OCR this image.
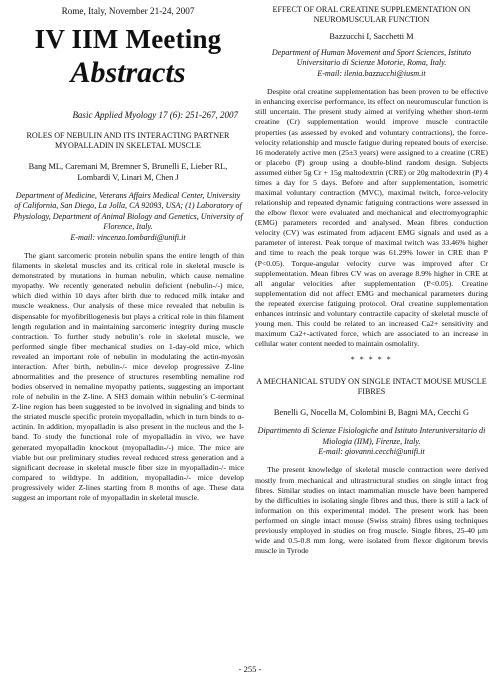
Rome, Italy, November 21-24, 2007

IV IIM Meeting

Abstracts

Basic Applied Myology 17 (6): 251-267, 2007

ROLES OF NEBULIN AND ITS INTERACTING PARTNER MYOPALLADIN IN SKELETAL MUSCLE

Bang ML, Caremani M, Bremner S, Brunelli E, Lieber RL, Lombardi V, Linari M, Chen J

Department of Medicine, Veterans Affairs Medical Center, University of California, San Diego, La Jolla, CA 92093, USA; (1) Laboratory of Physiology, Department of Animal Biology and Genetics, University of Florence, Italy.

E-mail: vincenzo.lombardi@unifi.it

The giant sarcomeric protein nebulin spans the entire length of thin filaments in skeletal muscles and its critical role in skeletal muscle is demonstrated by mutations in human nebulin, which cause nemaline myopathy. We recently generated nebulin deficient (nebulin-/-) mice, which died within 10 days after birth due to reduced milk intake and muscle weakness. Our analysis of these mice revealed that nebulin is dispensable for myofibrillogenesis but plays a critical role in thin filament length regulation and in maintaining sarcomeric integrity during muscle contraction. To further study nebulin’s role in skeletal muscle, we performed single fiber mechanical studies on 1-day-old mice, which revealed an important role of nebulin in modulating the actin-myosin interaction. After birth, nebulin-/- mice develop progressive Z-line abnormalities and the presence of structures resembling nemaline rod bodies observed in nemaline myopathy patients, suggesting an important role of nebulin in the Z-line. A SH3 domain within nebulin’s C-terminal Z-line region has been suggested to be involved in signaling and binds to the striated muscle specific protein myopalladin, which in turn binds to α-actinin. In addition, myopalladin is also present in the nucleus and the I-band. To study the functional role of myopalladin in vivo, we have generated myopalladin knockout (myopalladin-/-) mice. The mice are viable but our preliminary studies reveal reduced stress generation and a significant decrease in skeletal muscle fiber size in myopalladin-/- mice compared to wildtype. In addition, myopalladin-/- mice develop progressively wider Z-lines starting from 8 months of age. These data suggest an important role of myopalladin in skeletal muscle.

EFFECT OF ORAL CREATINE SUPPLEMENTATION ON NEUROMUSCULAR FUNCTION

Bazzucchi I, Sacchetti M

Department of Human Movement and Sport Sciences, Istituto Universitario di Scienze Motorie, Roma, Italy.

E-mail: ilenia.bazzucchi@iusm.it

Despite oral creatine supplementation has been proven to be effective in enhancing exercise performance, its effect on neuromuscular function is still uncertain. The present study aimed at verifying whether short-term creatine (Cr) supplementation would improve muscle contractile properties (as assessed by evoked and voluntary contractions), the force-velocity relationship and muscle fatigue during repeated bouts of exercise. 16 moderately active men (25±3 years) were assigned to a creatine (CRE) or placebo (P) group using a double-blind random design. Subjects assumed either 5g Cr + 15g maltodextrin (CRE) or 20g maltodextrin (P) 4 times a day for 5 days. Before and after supplementation, isometric maximal voluntary contraction (MVC), maximal twitch, force-velocity relationship and repeated dynamic fatiguing contractions were assessed in the elbow flexor were evaluated and mechanical and electromyographic (EMG) parameters recorded and analysed. Mean fibres conduction velocity (CV) was estimated from adjacent EMG signals and used as a parameter of interest. Peak torque of maximal twitch was 33.46% higher and time to reach the peak torque was 61.29% lower in CRE than P (P<0.05). Torque-angular velocity curve was improved after Cr supplementation. Mean fibres CV was on average 8.9% higher in CRE at all angular velocities after supplementation (P<0.05). Creatine supplementation did not affect EMG and mechanical parameters during the repeated exercise fatiguing protocol. Oral creatine supplementation enhances intrinsic and voluntary contractile capacity of skeletal muscle of young men. This could be related to an increased Ca2+ sensitivity and maximum Ca2+-activated force, which are associated to an increase in cellular water content needed to maintain osmolality.

* * * * *

A MECHANICAL STUDY ON SINGLE INTACT MOUSE MUSCLE FIBRES

Benelli G, Nocella M, Colombini B, Bagni MA, Cecchi G

Dipartimento di Scienze Fisiologiche and Istituto Interuniversitario di Miologia (IIM), Firenze, Italy.

E-mail: giovanni.cecchi@unifi.it

The present knowledge of skeletal muscle contraction were derived mostly from mechanical and ultrastructural studies on single intact frog fibres. Similar studies on intact mammalian muscle have been hampered by the difficulties in isolating single fibres and thus, there is still a lack of information on this experimental model. The present work has been performed on single intact mouse (Swiss strain) fibres using techniques previously employed in studies on frog muscle. Single fibres, 25-40 μm wide and 0.5-0.8 mm long, were isolated from flexor digitorum brevis muscle in Tyrode

- 255 -
